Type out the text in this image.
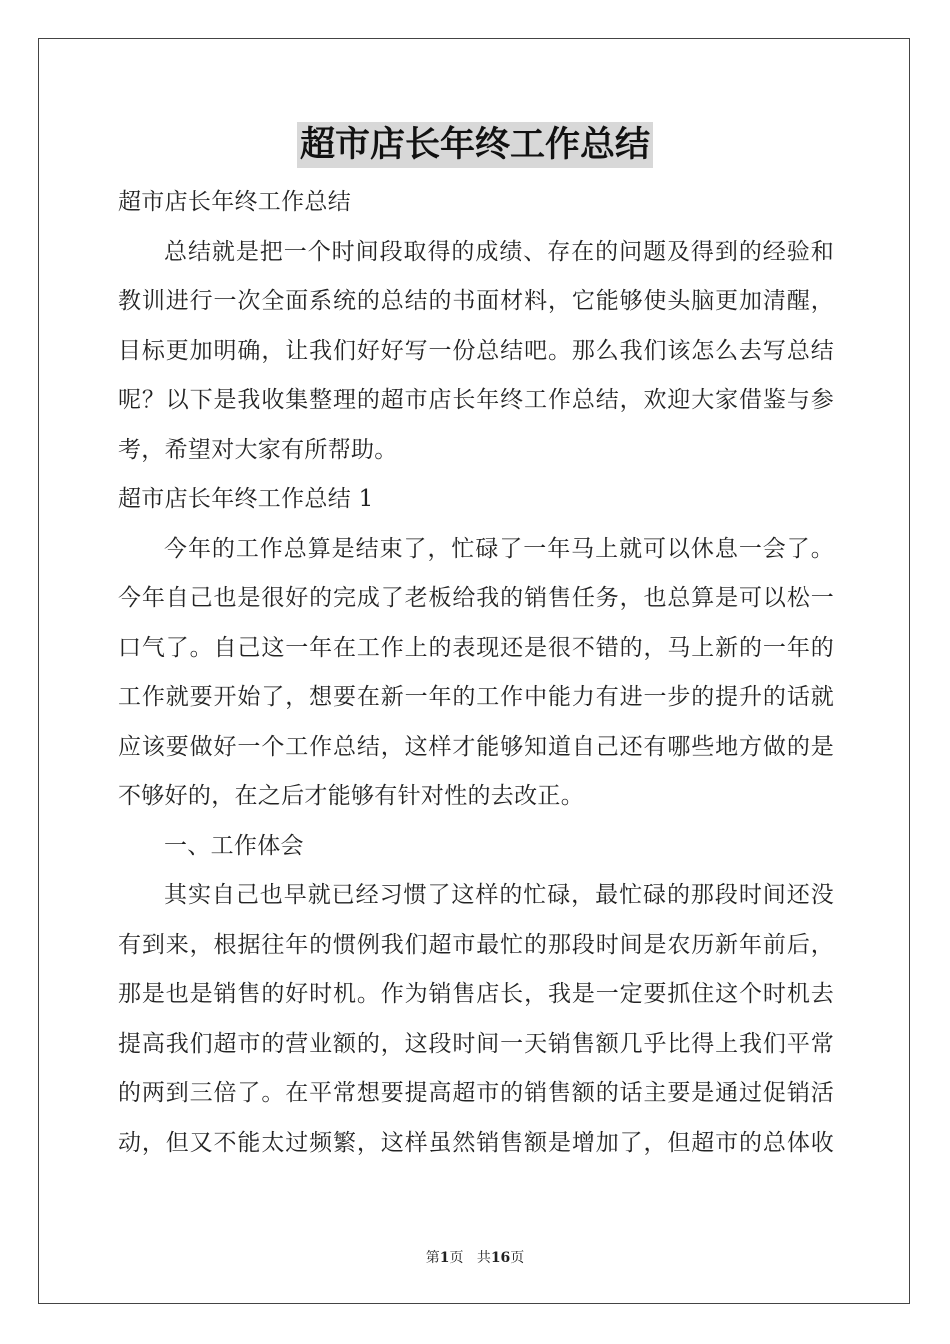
超市店长年终工作总结
超市店长年终工作总结
总结就是把一个时间段取得的成绩、存在的问题及得到的经验和
教训进行一次全面系统的总结的书面材料，它能够使头脑更加清醒，
目标更加明确，让我们好好写一份总结吧。那么我们该怎么去写总结
呢？以下是我收集整理的超市店长年终工作总结，欢迎大家借鉴与参
考，希望对大家有所帮助。
超市店长年终工作总结 1
今年的工作总算是结束了，忙碌了一年马上就可以休息一会了。
今年自己也是很好的完成了老板给我的销售任务，也总算是可以松一
口气了。自己这一年在工作上的表现还是很不错的，马上新的一年的
工作就要开始了，想要在新一年的工作中能力有进一步的提升的话就
应该要做好一个工作总结，这样才能够知道自己还有哪些地方做的是
不够好的，在之后才能够有针对性的去改正。
一、工作体会
其实自己也早就已经习惯了这样的忙碌，最忙碌的那段时间还没
有到来，根据往年的惯例我们超市最忙的那段时间是农历新年前后，
那是也是销售的好时机。作为销售店长，我是一定要抓住这个时机去
提高我们超市的营业额的，这段时间一天销售额几乎比得上我们平常
的两到三倍了。在平常想要提高超市的销售额的话主要是通过促销活
动，但又不能太过频繁，这样虽然销售额是增加了，但超市的总体收
第1页 共16页
